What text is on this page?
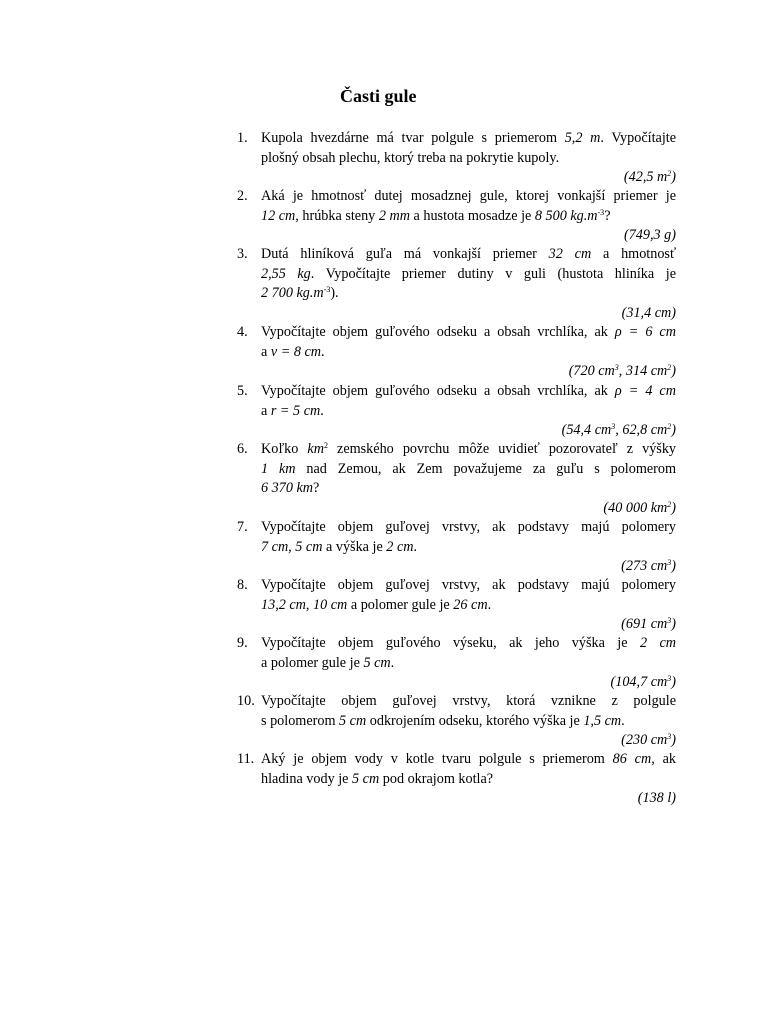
Časti gule
1. Kupola hvezdárne má tvar polgule s priemerom 5,2 m. Vypočítajte
plošný obsah plechu, ktorý treba na pokrytie kupoly.
(42,5 $m^2$)
2. Aká je hmotnosť dutej mosadznej gule, ktorej vonkajší priemer je
12 cm, hrúbka steny 2 mm a hustota mosadze je 8 500 $kg.m^{-3}$?
(749,3 g)
3. Dutá hliníková guľa má vonkajší priemer 32 cm a hmotnosť
2,55 kg. Vypočítajte priemer dutiny v guli (hustota hliníka je
2 700 $kg.m^{-3}$).
(31,4 cm)
4. Vypočítajte objem guľového odseku a obsah vrchlíka, ak ρ = 6 cm
a v = 8 cm.
(720 $cm^3$, 314 $cm^2$)
5. Vypočítajte objem guľového odseku a obsah vrchlíka, ak ρ = 4 cm
a r = 5 cm.
(54,4 $cm^3$, 62,8 $cm^2$)
6. Koľko $km^2$ zemského povrchu môže uvidieť pozorovateľ z výšky
1 km nad Zemou, ak Zem považujeme za guľu s polomerom
6 370 km?
(40 000 $km^2$)
7. Vypočítajte objem guľovej vrstvy, ak podstavy majú polomery
7 cm, 5 cm a výška je 2 cm.
(273 $cm^3$)
8. Vypočítajte objem guľovej vrstvy, ak podstavy majú polomery
13,2 cm, 10 cm a polomer gule je 26 cm.
(691 $cm^3$)
9. Vypočítajte objem guľového výseku, ak jeho výška je 2 cm
a polomer gule je 5 cm.
(104,7 $cm^3$)
10. Vypočítajte objem guľovej vrstvy, ktorá vznikne z polgule
s polomerom 5 cm odkrojením odseku, ktorého výška je 1,5 cm.
(230 $cm^3$)
11. Aký je objem vody v kotle tvaru polgule s priemerom 86 cm, ak
hladina vody je 5 cm pod okrajom kotla?
(138 l)
